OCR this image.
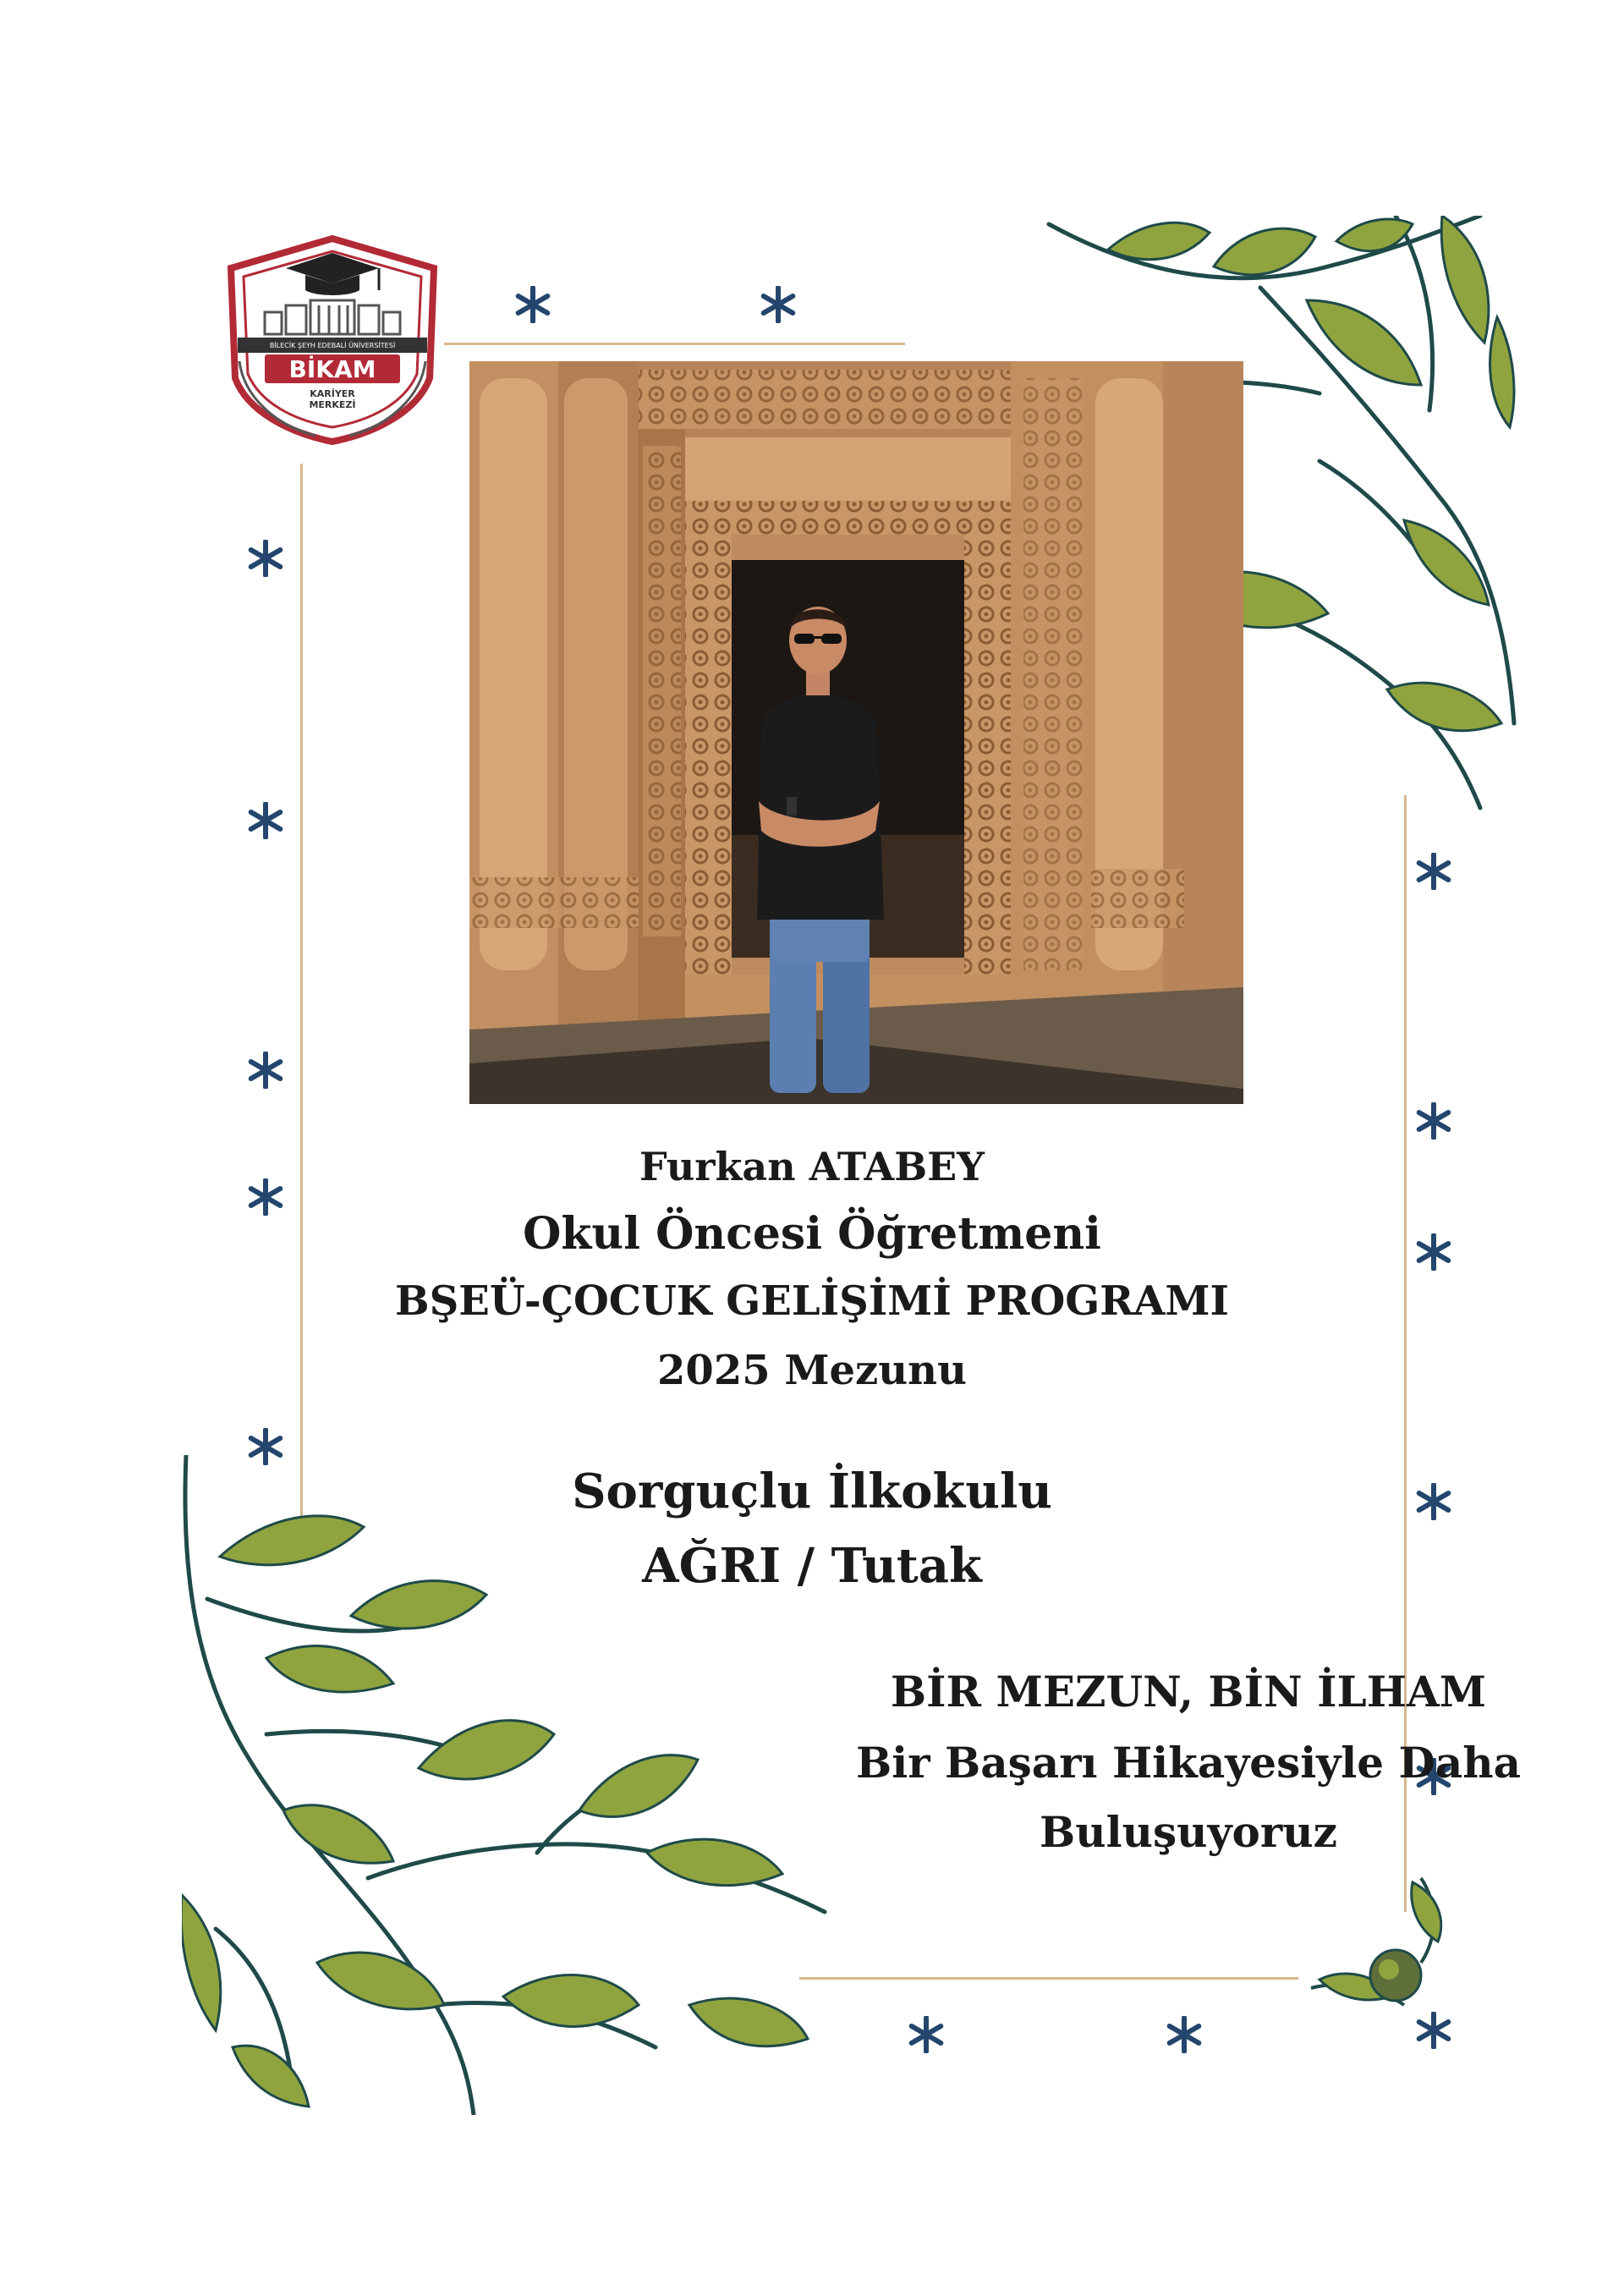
BİLECİK ŞEYH EDEBALİ ÜNİVERSİTESİ
BİKAM
KARİYER
MERKEZİ
Furkan ATABEY
Okul Öncesi Öğretmeni
BŞEÜ-ÇOCUK GELİŞİMİ PROGRAMI
2025 Mezunu
Sorguçlu İlkokulu
AĞRI / Tutak
BİR MEZUN, BİN İLHAM
Bir Başarı Hikayesiyle Daha
Buluşuyoruz
